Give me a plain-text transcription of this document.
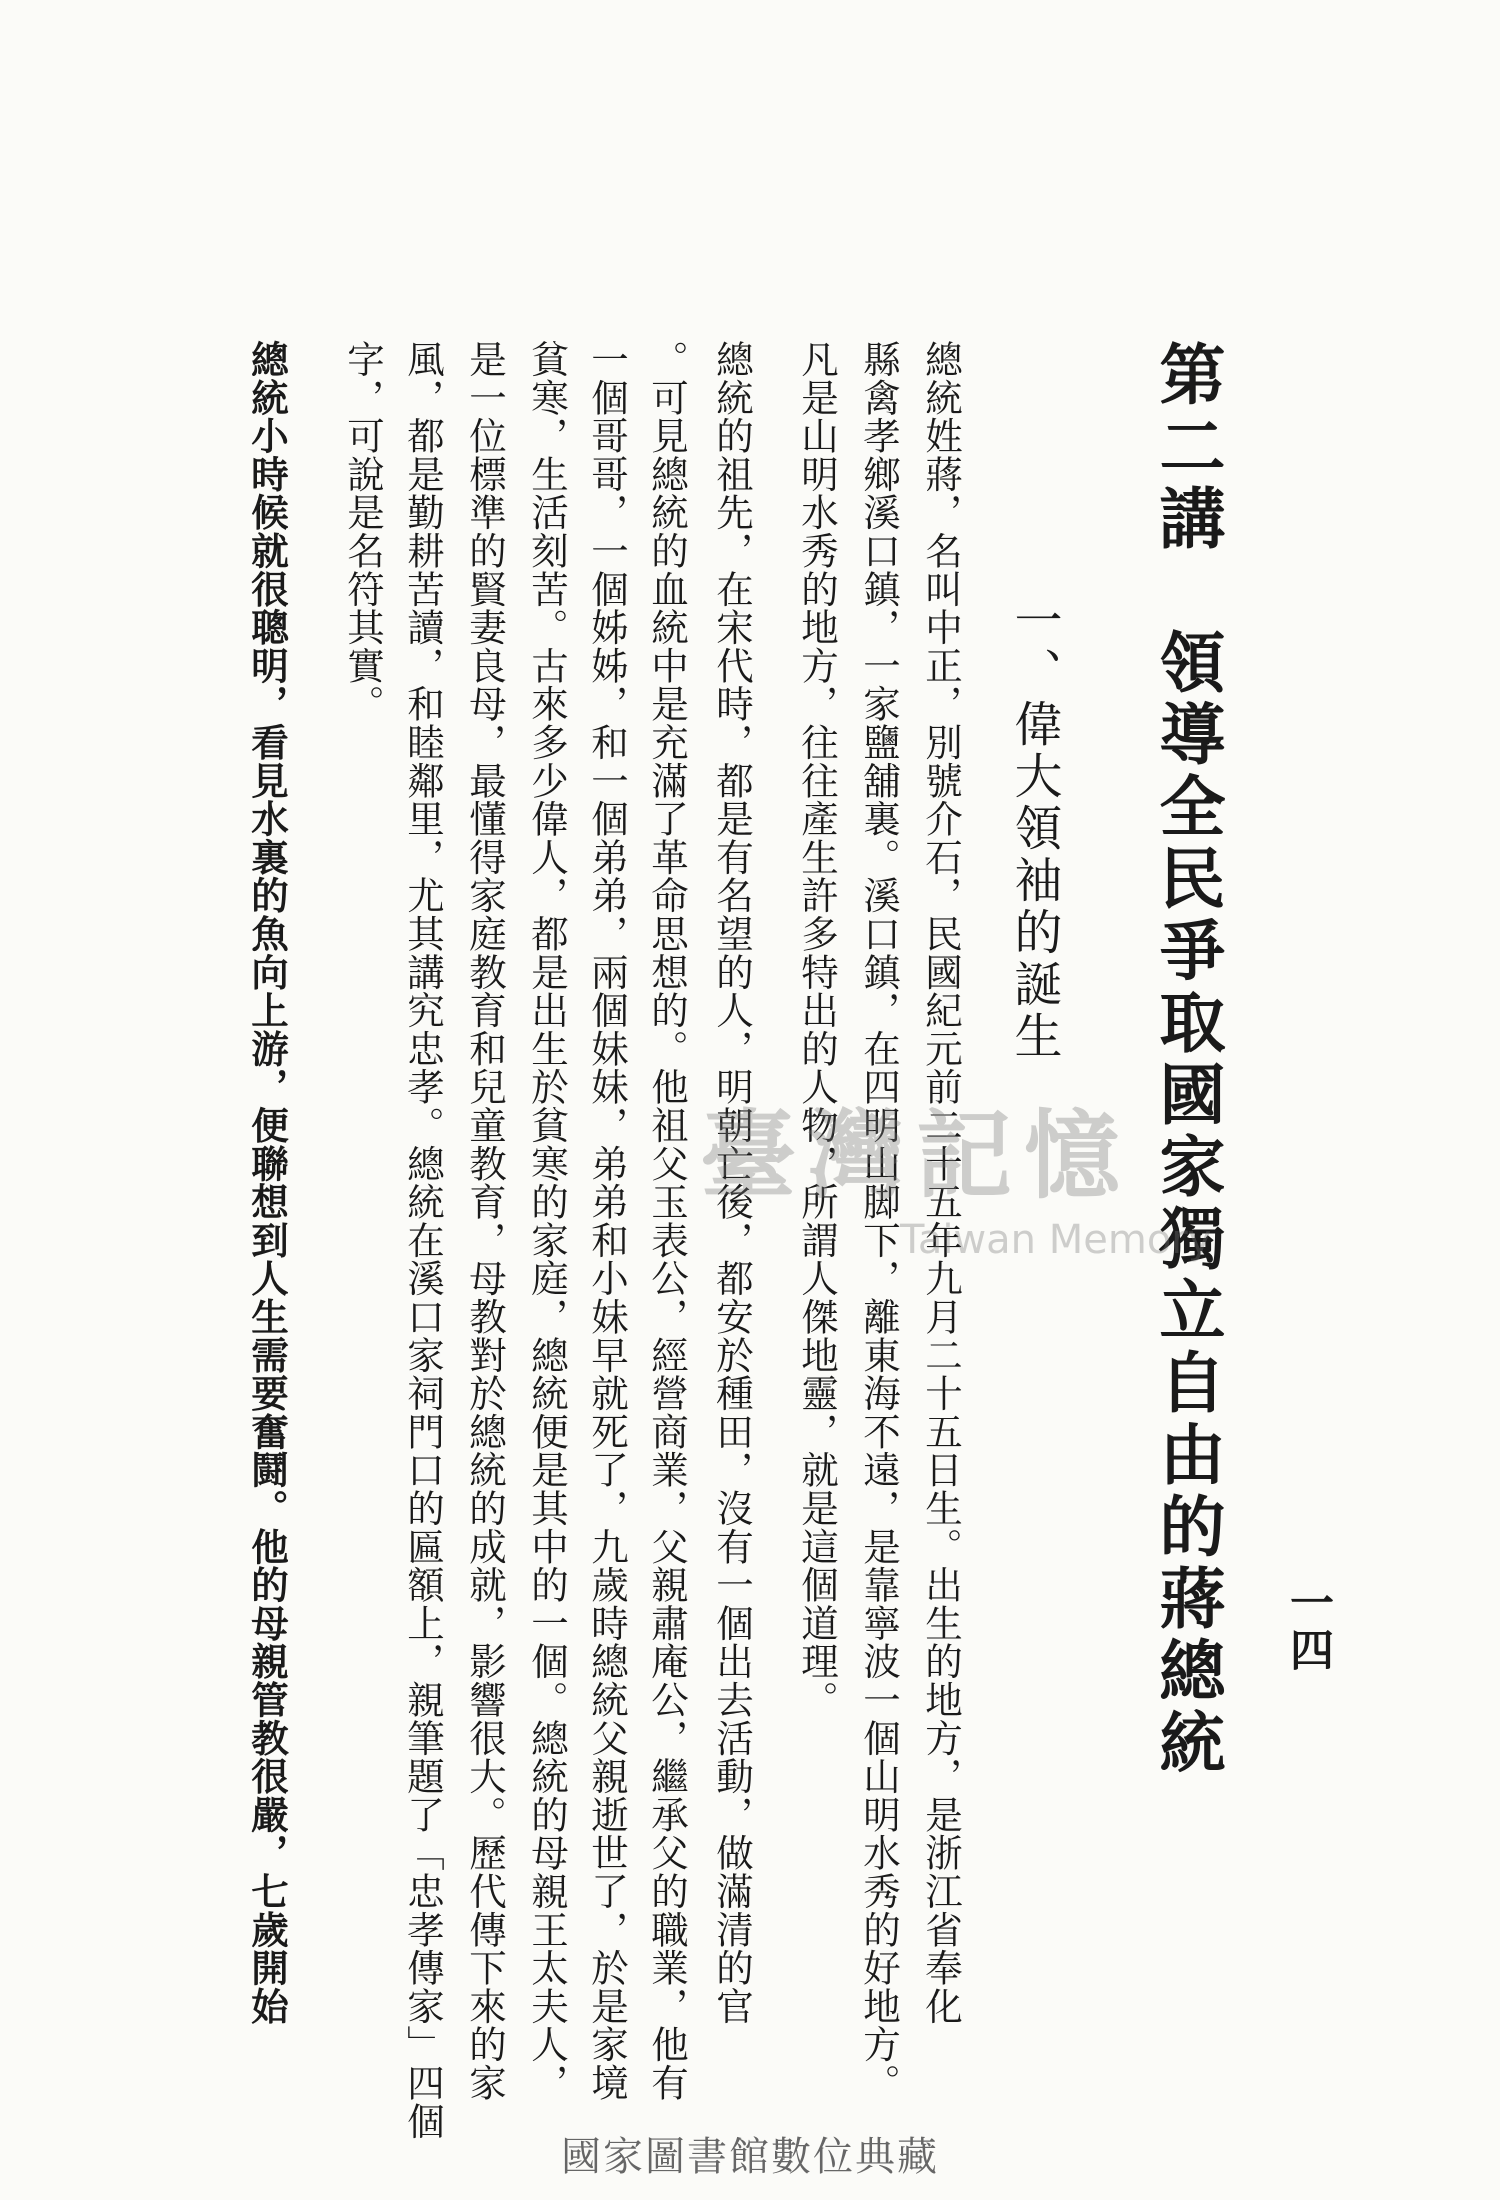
一四
第二講　領導全民爭取國家獨立自由的蔣總統
一、偉大領袖的誕生
總統姓蔣，名叫中正，別號介石，民國紀元前二十五年九月二十五日生。出生的地方，是浙江省奉化
縣禽孝鄉溪口鎮，一家鹽舖裏。溪口鎮，在四明山脚下，離東海不遠，是靠寧波一個山明水秀的好地方。
凡是山明水秀的地方，往往產生許多特出的人物，所謂人傑地靈，就是這個道理。
總統的祖先，在宋代時，都是有名望的人，明朝亡後，都安於種田，沒有一個出去活動，做滿清的官
。可見總統的血統中是充滿了革命思想的。他祖父玉表公，經營商業，父親肅庵公，繼承父的職業，他有
一個哥哥，一個姊姊，和一個弟弟，兩個妹妹，弟弟和小妹早就死了，九歲時總統父親逝世了，於是家境
貧寒，生活刻苦。古來多少偉人，都是出生於貧寒的家庭，總統便是其中的一個。總統的母親王太夫人，
是一位標準的賢妻良母，最懂得家庭教育和兒童教育，母教對於總統的成就，影響很大。歷代傳下來的家
風，都是勤耕苦讀，和睦鄰里，尤其講究忠孝。總統在溪口家祠門口的匾額上，親筆題了「忠孝傳家」四個
字，可說是名符其實。
總統小時候就很聰明，看見水裏的魚向上游，便聯想到人生需要奮鬪。他的母親管教很嚴，七歲開始	臺灣記憶
Taiwan Memory
國家圖書館數位典藏
